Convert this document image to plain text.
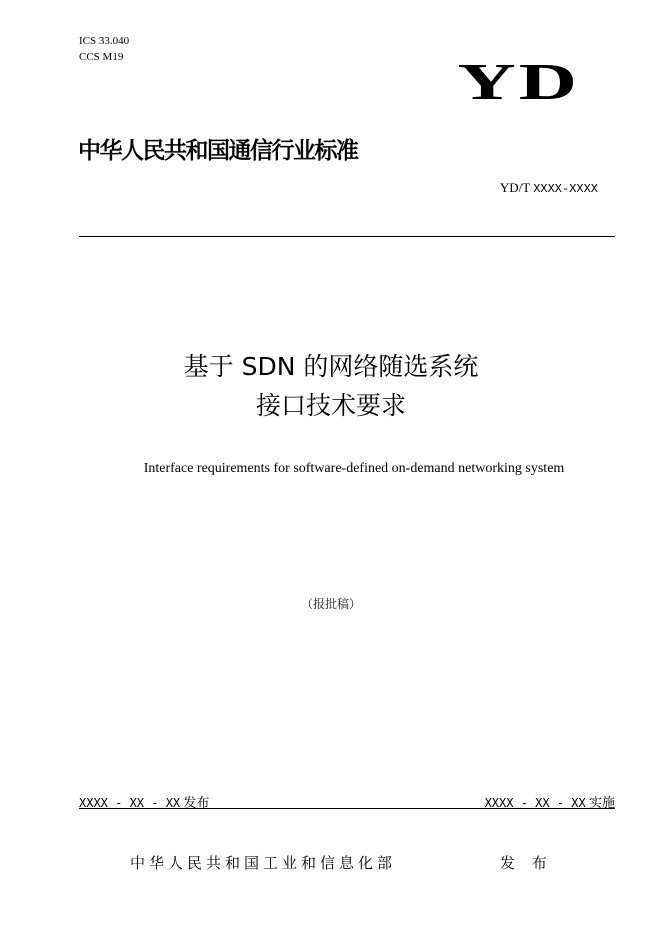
ICS 33.040
CCS M19	YD
中华人民共和国通信行业标准
YD/T XXXX-XXXX
基于 SDN 的网络随选系统
接口技术要求
Interface requirements for software-defined on-demand networking system
（报批稿）
XXXX - XX - XX 发布	XXXX - XX - XX 实施
中华人民共和国工业和信息化部	发 布
